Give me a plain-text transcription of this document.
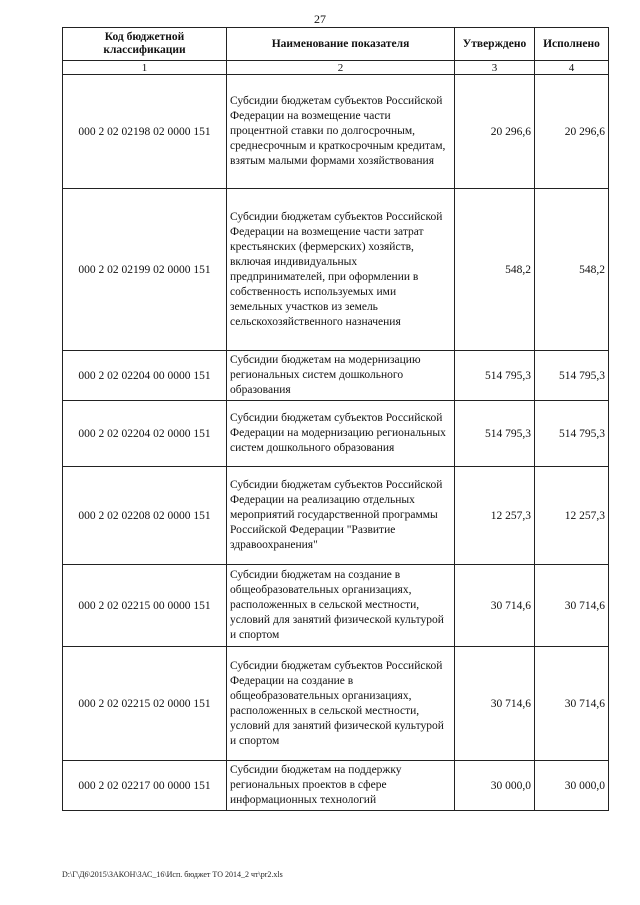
27
Код бюджетной классификации	Наименование показателя	Утверждено	Исполнено
1	2	3	4
000 2 02 02198 02 0000 151	Субсидии бюджетам субъектов Российской Федерации на возмещение части процентной ставки по долгосрочным, среднесрочным и краткосрочным кредитам, взятым малыми формами хозяйствования	20 296,6	20 296,6
000 2 02 02199 02 0000 151	Субсидии бюджетам субъектов Российской Федерации на возмещение части затрат крестьянских (фермерских) хозяйств, включая индивидуальных предпринимателей, при оформлении в собственность используемых ими земельных участков из земель сельскохозяйственного назначения	548,2	548,2
000 2 02 02204 00 0000 151	Субсидии бюджетам на модернизацию региональных систем дошкольного образования	514 795,3	514 795,3
000 2 02 02204 02 0000 151	Субсидии бюджетам субъектов Российской Федерации на модернизацию региональных систем дошкольного образования	514 795,3	514 795,3
000 2 02 02208 02 0000 151	Субсидии бюджетам субъектов Российской Федерации на реализацию отдельных мероприятий государственной программы Российской Федерации "Развитие здравоохранения"	12 257,3	12 257,3
000 2 02 02215 00 0000 151	Субсидии бюджетам на создание в общеобразовательных организациях, расположенных в сельской местности, условий для занятий физической культурой и спортом	30 714,6	30 714,6
000 2 02 02215 02 0000 151	Субсидии бюджетам субъектов Российской Федерации на создание в общеобразовательных организациях, расположенных в сельской местности, условий для занятий физической культурой и спортом	30 714,6	30 714,6
000 2 02 02217 00 0000 151	Субсидии бюджетам на поддержку региональных проектов в сфере информационных технологий	30 000,0	30 000,0
D:\Г\Д6\2015\ЗАКОН\ЗАС_16\Исп. бюджет ТО 2014_2 чт\pr2.xls
